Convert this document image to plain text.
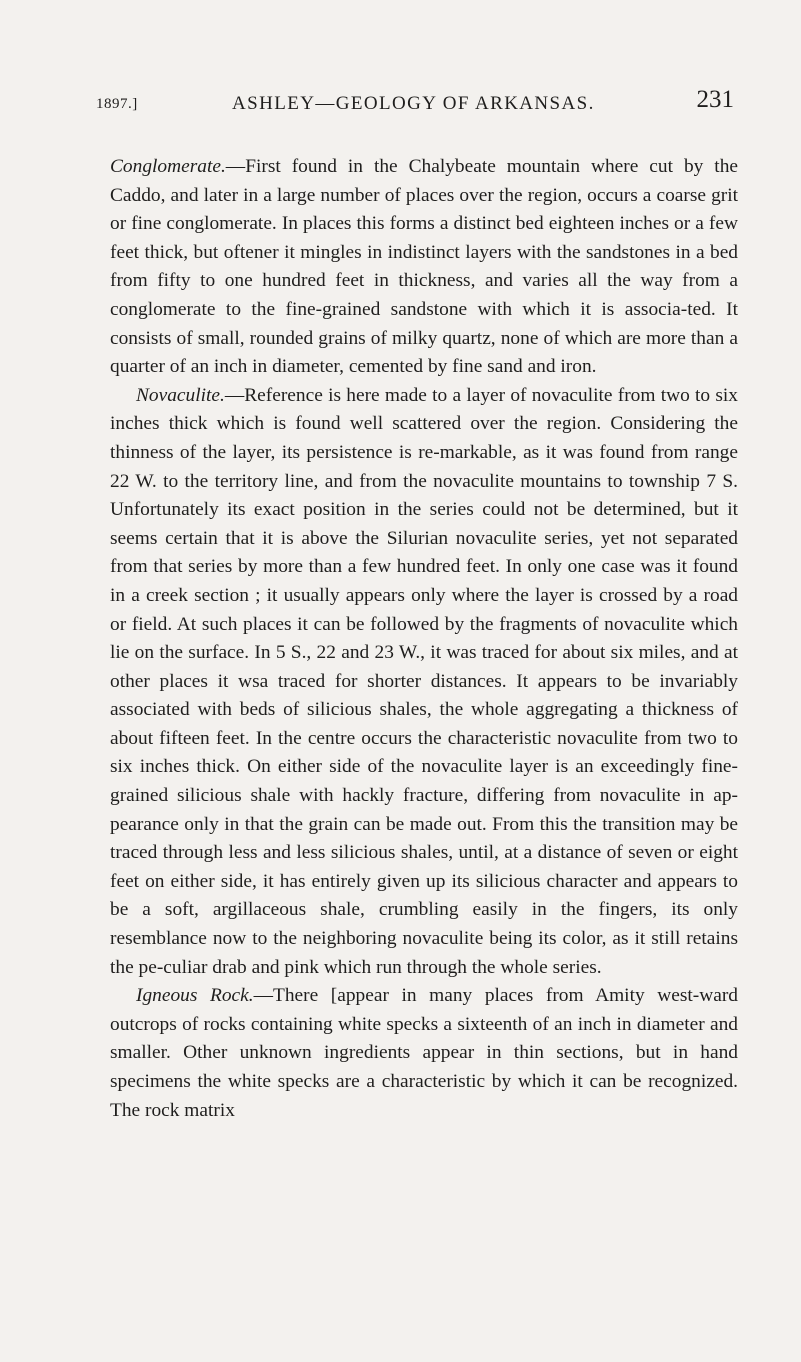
1897.]	ASHLEY—GEOLOGY OF ARKANSAS.	231

Conglomerate.—First found in the Chalybeate mountain where cut by the Caddo, and later in a large number of places over the region, occurs a coarse grit or fine conglomerate. In places this forms a distinct bed eighteen inches or a few feet thick, but oftener it mingles in indistinct layers with the sandstones in a bed from fifty to one hundred feet in thickness, and varies all the way from a conglomerate to the fine-grained sandstone with which it is associa-ted. It consists of small, rounded grains of milky quartz, none of which are more than a quarter of an inch in diameter, cemented by fine sand and iron.

Novaculite.—Reference is here made to a layer of novaculite from two to six inches thick which is found well scattered over the region. Considering the thinness of the layer, its persistence is re-markable, as it was found from range 22 W. to the territory line, and from the novaculite mountains to township 7 S. Unfortunately its exact position in the series could not be determined, but it seems certain that it is above the Silurian novaculite series, yet not separated from that series by more than a few hundred feet. In only one case was it found in a creek section ; it usually appears only where the layer is crossed by a road or field. At such places it can be followed by the fragments of novaculite which lie on the surface. In 5 S., 22 and 23 W., it was traced for about six miles, and at other places it wsa traced for shorter distances. It appears to be invariably associated with beds of silicious shales, the whole aggregating a thickness of about fifteen feet. In the centre occurs the characteristic novaculite from two to six inches thick. On either side of the novaculite layer is an exceedingly fine-grained silicious shale with hackly fracture, differing from novaculite in ap-pearance only in that the grain can be made out. From this the transition may be traced through less and less silicious shales, until, at a distance of seven or eight feet on either side, it has entirely given up its silicious character and appears to be a soft, argillaceous shale, crumbling easily in the fingers, its only resemblance now to the neighboring novaculite being its color, as it still retains the pe-culiar drab and pink which run through the whole series.

Igneous Rock.—There [appear in many places from Amity west-ward outcrops of rocks containing white specks a sixteenth of an inch in diameter and smaller. Other unknown ingredients appear in thin sections, but in hand specimens the white specks are a characteristic by which it can be recognized. The rock matrix
